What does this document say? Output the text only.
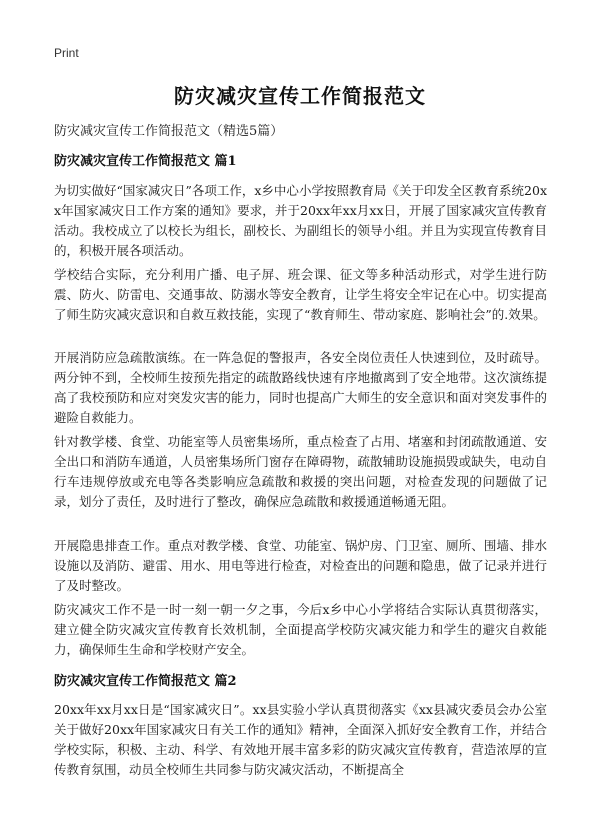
Print
防灾减灾宣传工作简报范文

防灾减灾宣传工作简报范文（精选5篇）

防灾减灾宣传工作简报范文 篇1

为切实做好“国家减灾日”各项工作，x乡中心小学按照教育局《关于印发全区教育系统20xx年国家减灾日工作方案的通知》要求，并于20xx年xx月xx日，开展了国家减灾宣传教育活动。我校成立了以校长为组长，副校长、为副组长的领导小组。并且为实现宣传教育目的，积极开展各项活动。

学校结合实际，充分利用广播、电子屏、班会课、征文等多种活动形式，对学生进行防震、防火、防雷电、交通事故、防溺水等安全教育，让学生将安全牢记在心中。切实提高了师生防灾减灾意识和自救互救技能，实现了“教育师生、带动家庭、影响社会”的.效果。

开展消防应急疏散演练。在一阵急促的警报声，各安全岗位责任人快速到位，及时疏导。两分钟不到，全校师生按预先指定的疏散路线快速有序地撤离到了安全地带。这次演练提高了我校预防和应对突发灾害的能力，同时也提高广大师生的安全意识和面对突发事件的避险自救能力。

针对教学楼、食堂、功能室等人员密集场所，重点检查了占用、堵塞和封闭疏散通道、安全出口和消防车通道，人员密集场所门窗存在障碍物，疏散辅助设施损毁或缺失，电动自行车违规停放或充电等各类影响应急疏散和救援的突出问题，对检查发现的问题做了记录，划分了责任，及时进行了整改，确保应急疏散和救援通道畅通无阻。

开展隐患排查工作。重点对教学楼、食堂、功能室、锅炉房、门卫室、厕所、围墙、排水设施以及消防、避雷、用水、用电等进行检查，对检查出的问题和隐患，做了记录并进行了及时整改。

防灾减灾工作不是一时一刻一朝一夕之事，今后x乡中心小学将结合实际认真贯彻落实，建立健全防灾减灾宣传教育长效机制，全面提高学校防灾减灾能力和学生的避灾自救能力，确保师生生命和学校财产安全。

防灾减灾宣传工作简报范文 篇2

20xx年xx月xx日是“国家减灾日”。xx县实验小学认真贯彻落实《xx县减灾委员会办公室关于做好20xx年国家减灾日有关工作的通知》精神，全面深入抓好安全教育工作，并结合学校实际，积极、主动、科学、有效地开展丰富多彩的防灾减灾宣传教育，营造浓厚的宣传教育氛围，动员全校师生共同参与防灾减灾活动，不断提高全
